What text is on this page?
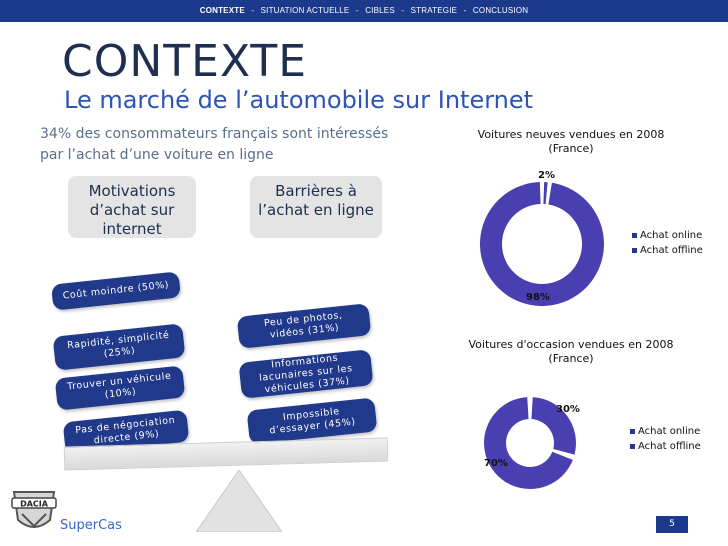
CONTEXTE - SITUATION ACTUELLE - CIBLES - STRATEGIE - CONCLUSION
CONTEXTE
Le marché de l’automobile sur Internet
34% des consommateurs français sont intéressés par l’achat d’une voiture en ligne
Motivations d’achat sur internet
Barrières à l’achat en ligne
Coût moindre (50%)
Rapidité, simplicité (25%)
Trouver un véhicule (10%)
Pas de négociation directe (9%)
Peu de photos, vidéos (31%)
Informations lacunaires sur les véhicules (37%)
Impossible d’essayer (45%)
Voitures neuves vendues en 2008
(France)
2%
98%
Achat online
Achat offline
Voitures d'occasion vendues en 2008
(France)
30%
70%
Achat online
Achat offline
DACIA
SuperCas	5
